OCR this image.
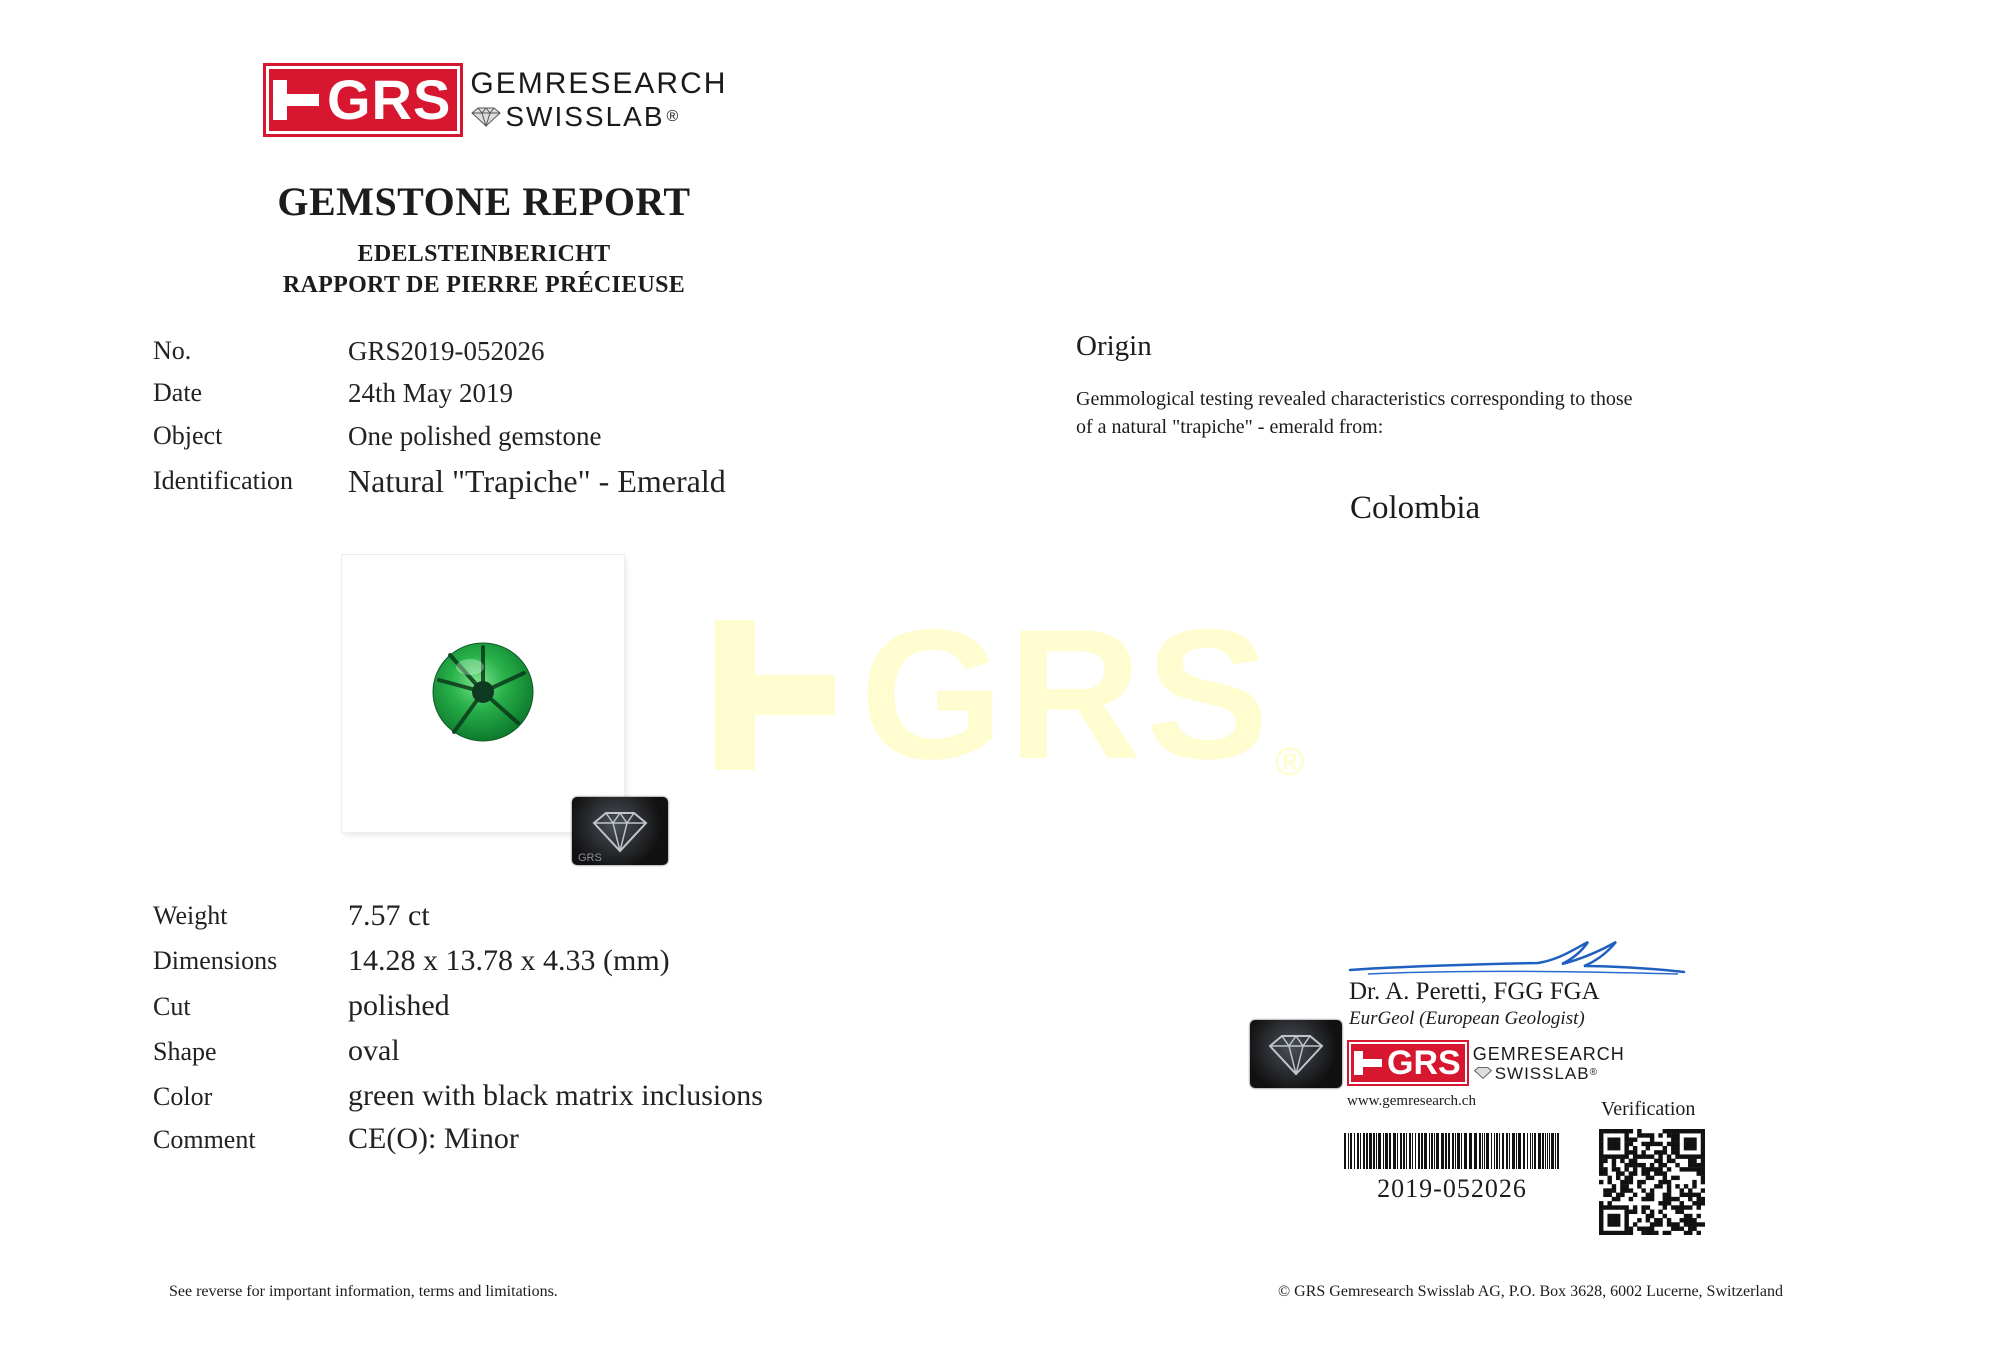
GRS ®
GRS GEMRESEARCH
SWISSLAB ®
GEMSTONE REPORT
EDELSTEINBERICHT
RAPPORT DE PIERRE PRÉCIEUSE
No.	GRS2019-052026
Date	24th May 2019
Object	One polished gemstone
Identification Natural "Trapiche" - Emerald
GRS
Weight	7.57 ct
Dimensions 14.28 x 13.78 x 4.33 (mm)
Cut	polished
Shape	oval
Color	green with black matrix inclusions
Comment	CE(O): Minor
Origin
Gemmological testing revealed characteristics corresponding to those
of a natural "trapiche" - emerald from:
Colombia
Dr. A. Peretti, FGG FGA
EurGeol (European Geologist)
GRS GEMRESEARCH
SWISSLAB ®
www.gemresearch.ch	Verification
2019-052026
See reverse for important information, terms and limitations.	© GRS Gemresearch Swisslab AG, P.O. Box 3628, 6002 Lucerne, Switzerland
